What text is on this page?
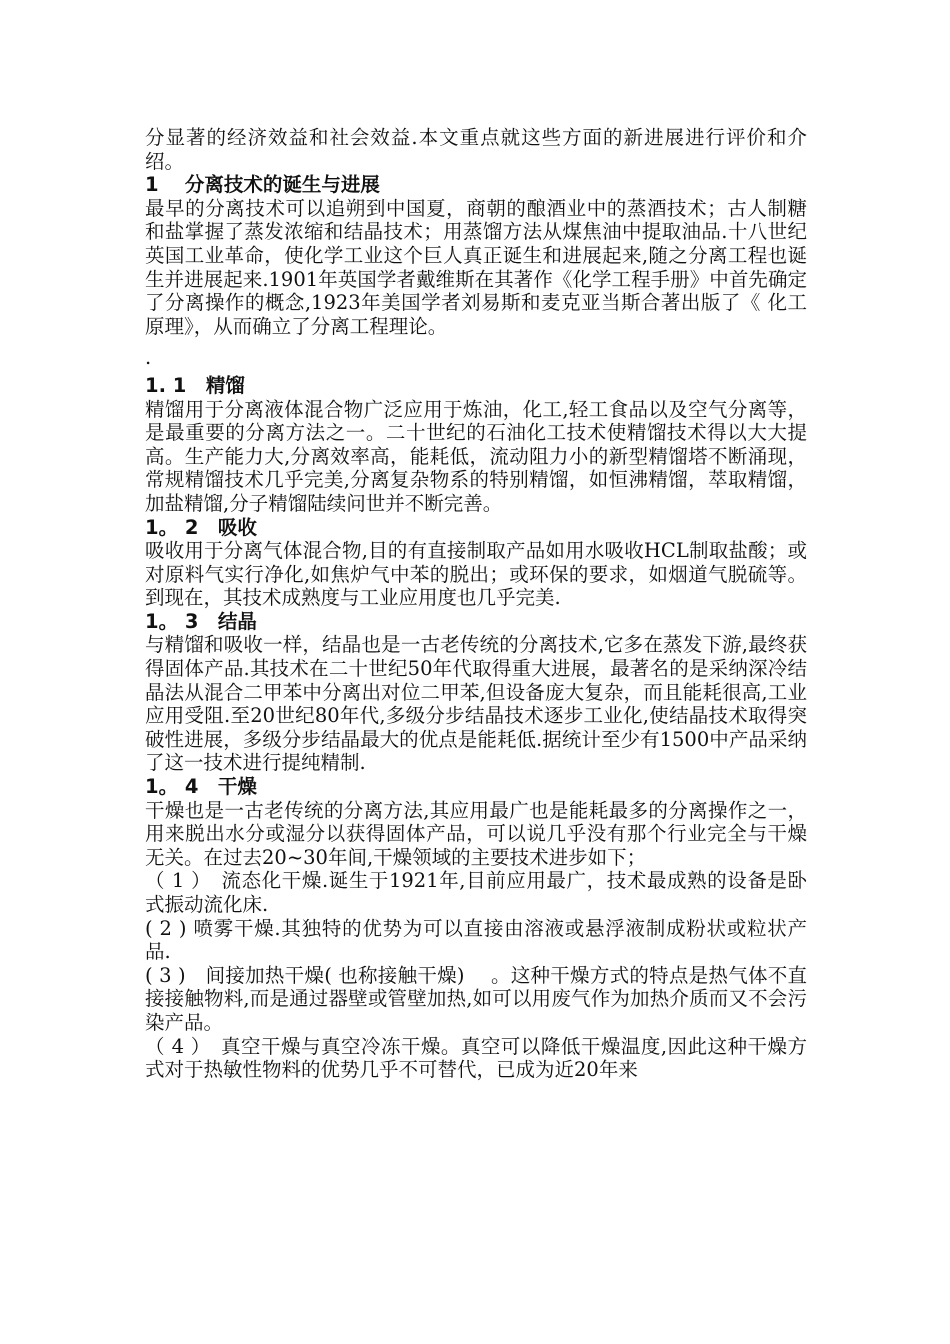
分显著的经济效益和社会效益.本文重点就这些方面的新进展进行评价和介绍。

1　 分离技术的诞生与进展

最早的分离技术可以追朔到中国夏，商朝的酿酒业中的蒸酒技术；古人制糖和盐掌握了蒸发浓缩和结晶技术；用蒸馏方法从煤焦油中提取油品.十八世纪英国工业革命，使化学工业这个巨人真正诞生和进展起来,随之分离工程也诞生并进展起来.1901年英国学者戴维斯在其著作《化学工程手册》中首先确定了分离操作的概念,1923年美国学者刘易斯和麦克亚当斯合著出版了《 化工原理》，从而确立了分离工程理论。

.

1. 1　精馏

精馏用于分离液体混合物广泛应用于炼油，化工,轻工食品以及空气分离等，是最重要的分离方法之一。二十世纪的石油化工技术使精馏技术得以大大提高。生产能力大,分离效率高，能耗低，流动阻力小的新型精馏塔不断涌现，常规精馏技术几乎完美,分离复杂物系的特别精馏，如恒沸精馏，萃取精馏，加盐精馏,分子精馏陆续问世并不断完善。

1。 2　吸收

吸收用于分离气体混合物,目的有直接制取产品如用水吸收HCL制取盐酸；或对原料气实行净化,如焦炉气中苯的脱出；或环保的要求，如烟道气脱硫等。到现在，其技术成熟度与工业应用度也几乎完美.

1。 3　结晶

与精馏和吸收一样，结晶也是一古老传统的分离技术,它多在蒸发下游,最终获得固体产品.其技术在二十世纪50年代取得重大进展，最著名的是采纳深冷结晶法从混合二甲苯中分离出对位二甲苯,但设备庞大复杂，而且能耗很高,工业应用受阻.至20世纪80年代,多级分步结晶技术逐步工业化,使结晶技术取得突破性进展，多级分步结晶最大的优点是能耗低.据统计至少有1500中产品采纳了这一技术进行提纯精制.

1。 4　干燥

干燥也是一古老传统的分离方法,其应用最广也是能耗最多的分离操作之一，用来脱出水分或湿分以获得固体产品，可以说几乎没有那个行业完全与干燥无关。在过去20~30年间,干燥领域的主要技术进步如下；

（ 1 ）　流态化干燥.诞生于1921年,目前应用最广，技术最成熟的设备是卧式振动流化床.

( 2 ) 喷雾干燥.其独特的优势为可以直接由溶液或悬浮液制成粉状或粒状产品.

( 3 )　间接加热干燥( 也称接触干燥)　 。这种干燥方式的特点是热气体不直接接触物料,而是通过器壁或管壁加热,如可以用废气作为加热介质而又不会污染产品。

（ 4 ）　真空干燥与真空冷冻干燥。真空可以降低干燥温度,因此这种干燥方式对于热敏性物料的优势几乎不可替代，已成为近20年来
